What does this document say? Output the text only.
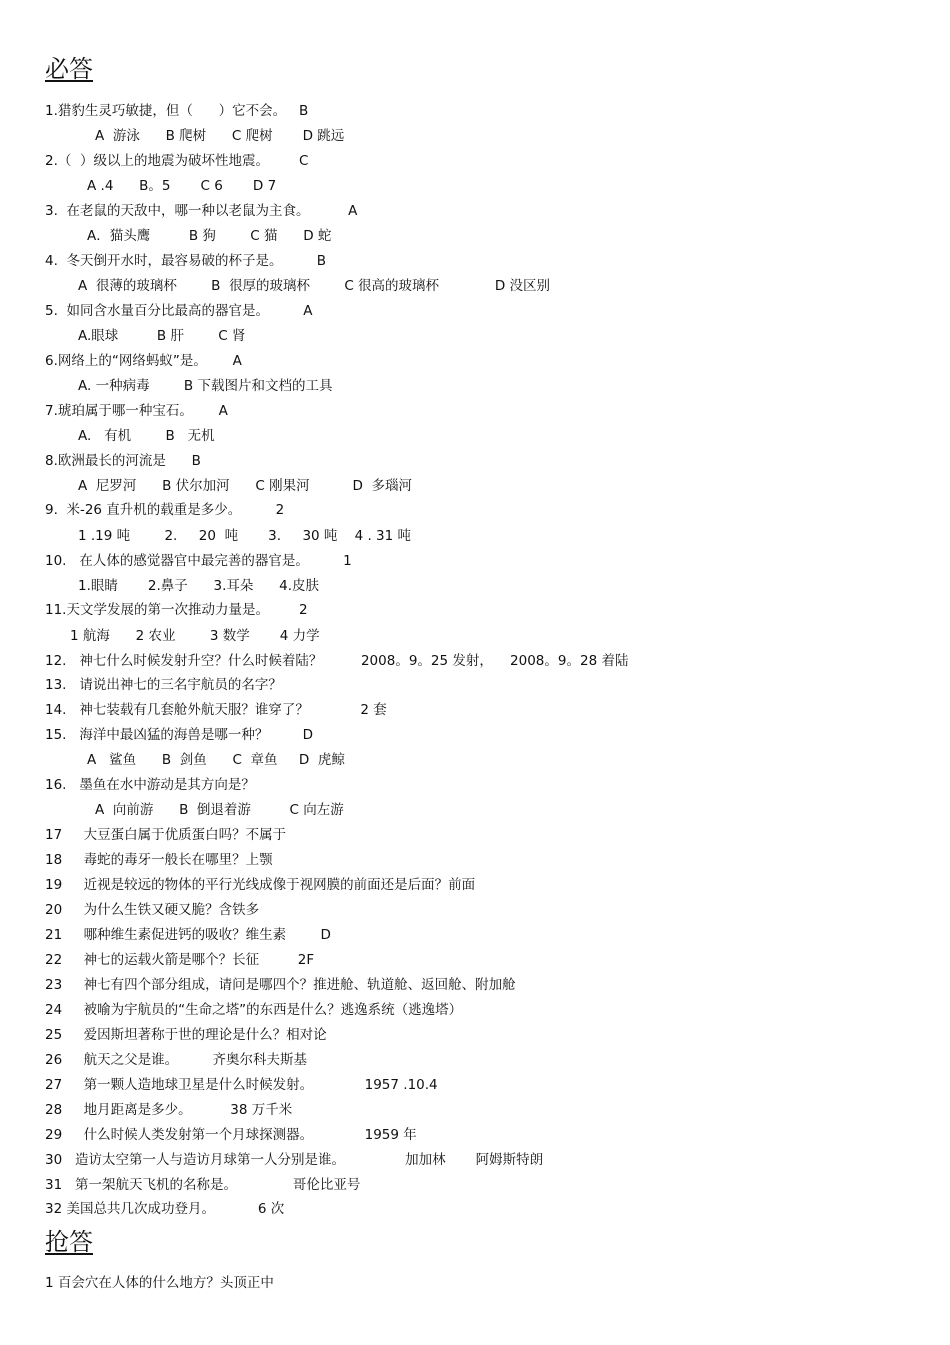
必答
1.猎豹生灵巧敏捷，但（      ）它不会。   B
A  游泳      B 爬树      C 爬树       D 跳远
2.（  ）级以上的地震为破坏性地震。       C
A .4      B。5       C 6       D 7
3.  在老鼠的天敌中，哪一种以老鼠为主食。         A
A．猫头鹰         B 狗        C 猫      D 蛇
4.  冬天倒开水时，最容易破的杯子是。        B
A  很薄的玻璃杯        B  很厚的玻璃杯        C 很高的玻璃杯             D 没区别
5.  如同含水量百分比最高的器官是。        A
A.眼球         B 肝        C 肾
6.网络上的“网络蚂蚁”是。      A
A. 一种病毒        B 下载图片和文档的工具
7.琥珀属于哪一种宝石。      A
A.   有机        B   无机
8.欧洲最长的河流是      B
A  尼罗河      B 伏尔加河      C 刚果河          D  多瑙河
9.  米-26 直升机的载重是多少。        2
1 .19 吨        2.     20  吨       3.     30 吨    4 . 31 吨
10.   在人体的感觉器官中最完善的器官是。        1
1.眼睛       2.鼻子      3.耳朵      4.皮肤
11.天文学发展的第一次推动力量是。       2
1 航海      2 农业        3 数学       4 力学
12.   神七什么时候发射升空？什么时候着陆？         2008。9。25 发射，    2008。9。28 着陆
13.   请说出神七的三名宇航员的名字？
14.   神七装载有几套舱外航天服？谁穿了？            2 套
15.   海洋中最凶猛的海兽是哪一种？        D
A   鲨鱼      B  剑鱼      C  章鱼     D  虎鲸
16.   墨鱼在水中游动是其方向是？
A  向前游      B  倒退着游         C 向左游
17     大豆蛋白属于优质蛋白吗？不属于
18     毒蛇的毒牙一般长在哪里？上颚
19     近视是较远的物体的平行光线成像于视网膜的前面还是后面？前面
20     为什么生铁又硬又脆？含铁多
21     哪种维生素促进钙的吸收？维生素        D
22     神七的运载火箭是哪个？长征         2F
23     神七有四个部分组成，请问是哪四个？推进舱、轨道舱、返回舱、附加舱
24     被喻为宇航员的“生命之塔”的东西是什么？逃逸系统（逃逸塔）
25     爱因斯坦著称于世的理论是什么？相对论
26     航天之父是谁。        齐奥尔科夫斯基
27     第一颗人造地球卫星是什么时候发射。            1957 .10.4
28     地月距离是多少。         38 万千米
29     什么时候人类发射第一个月球探测器。            1959 年
30   造访太空第一人与造访月球第一人分别是谁。              加加林       阿姆斯特朗
31   第一架航天飞机的名称是。             哥伦比亚号
32 美国总共几次成功登月。          6 次
抢答
1 百会穴在人体的什么地方？头顶正中
